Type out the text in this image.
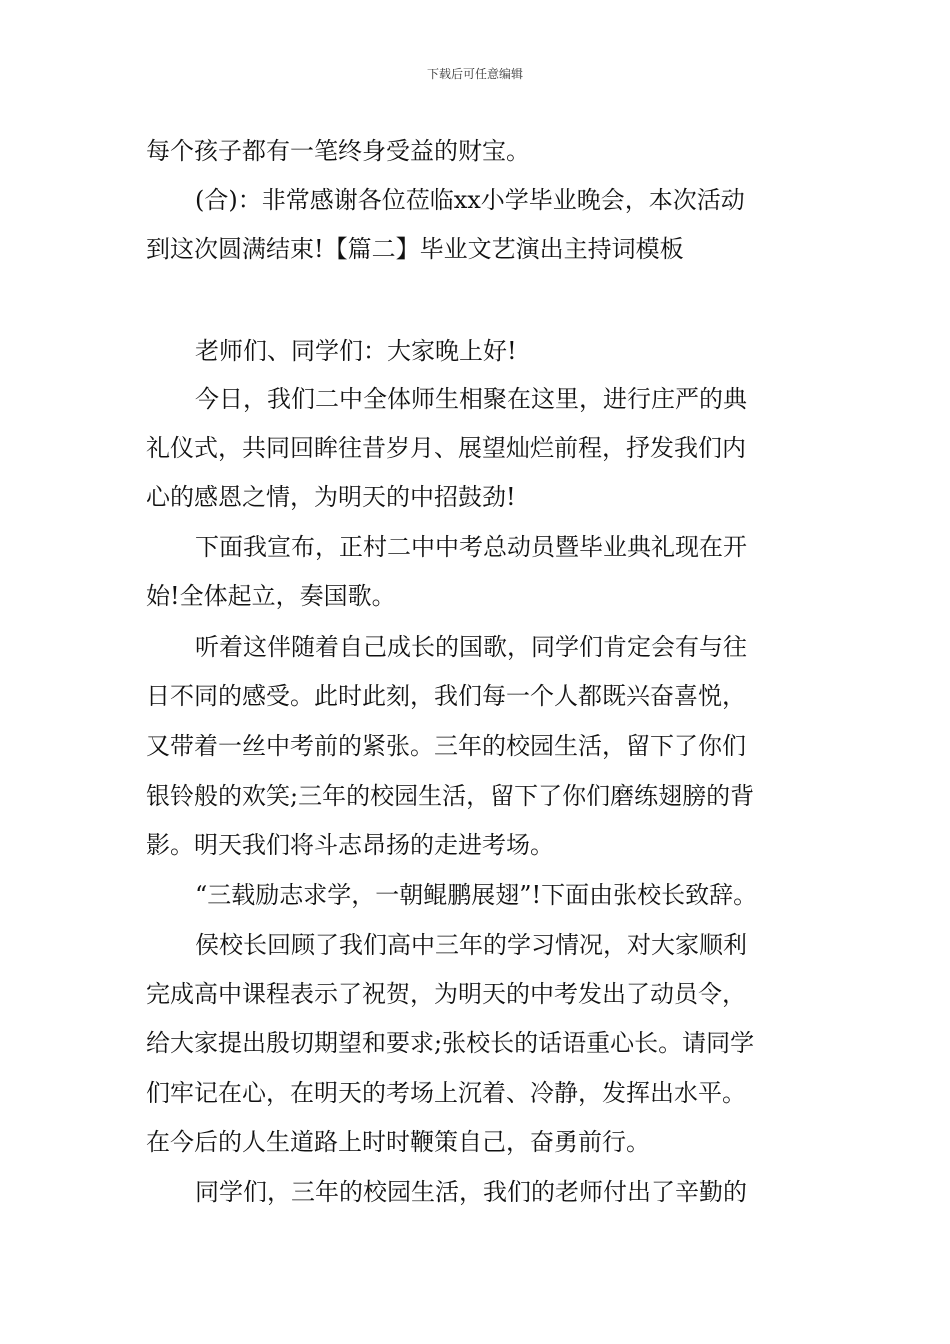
下载后可任意编辑
每个孩子都有一笔终身受益的财宝。
(合)：非常感谢各位莅临xx小学毕业晚会，本次活动
到这次圆满结束!【篇二】毕业文艺演出主持词模板
老师们、同学们：大家晚上好!
今日，我们二中全体师生相聚在这里，进行庄严的典
礼仪式，共同回眸往昔岁月、展望灿烂前程，抒发我们内
心的感恩之情，为明天的中招鼓劲!
下面我宣布，正村二中中考总动员暨毕业典礼现在开
始!全体起立，奏国歌。
听着这伴随着自己成长的国歌，同学们肯定会有与往
日不同的感受。此时此刻，我们每一个人都既兴奋喜悦，
又带着一丝中考前的紧张。三年的校园生活，留下了你们
银铃般的欢笑;三年的校园生活，留下了你们磨练翅膀的背
影。明天我们将斗志昂扬的走进考场。
“三载励志求学，一朝鲲鹏展翅”!下面由张校长致辞。
侯校长回顾了我们高中三年的学习情况，对大家顺利
完成高中课程表示了祝贺，为明天的中考发出了动员令，
给大家提出殷切期望和要求;张校长的话语重心长。请同学
们牢记在心，在明天的考场上沉着、冷静，发挥出水平。
在今后的人生道路上时时鞭策自己，奋勇前行。
同学们，三年的校园生活，我们的老师付出了辛勤的
